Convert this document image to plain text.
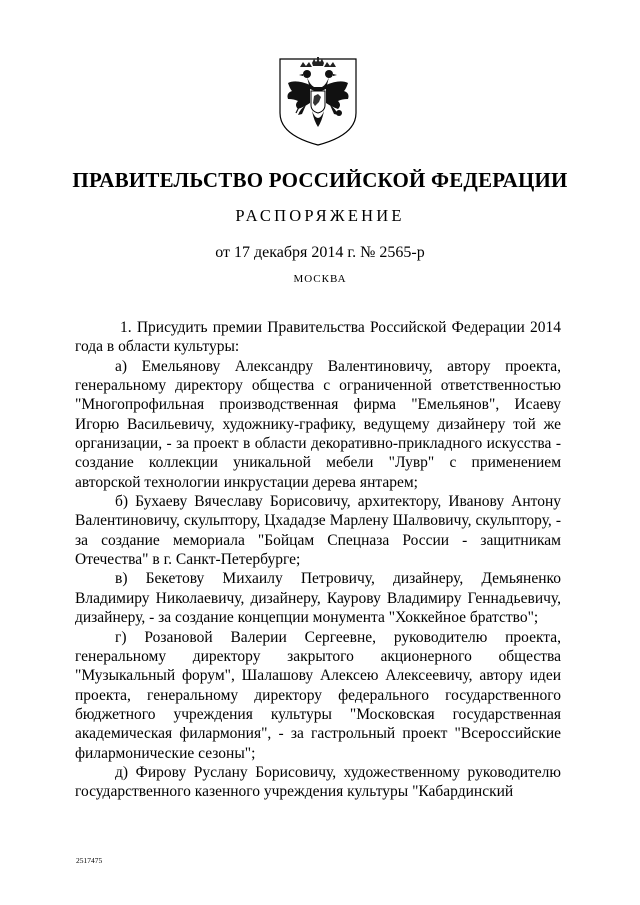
ПРАВИТЕЛЬСТВО РОССИЙСКОЙ ФЕДЕРАЦИИ
РАСПОРЯЖЕНИЕ
от 17 декабря 2014 г. № 2565-р
МОСКВА

1. Присудить премии Правительства Российской Федерации 2014 года в области культуры:

а) Емельянову Александру Валентиновичу, автору проекта, генеральному директору общества с ограниченной ответственностью "Многопрофильная производственная фирма "Емельянов", Исаеву Игорю Васильевичу, художнику-графику, ведущему дизайнеру той же организации, - за проект в области декоративно-прикладного искусства - создание коллекции уникальной мебели "Лувр" с применением авторской технологии инкрустации дерева янтарем;

б) Бухаеву Вячеславу Борисовичу, архитектору, Иванову Антону Валентиновичу, скульптору, Цхададзе Марлену Шалвовичу, скульптору, - за создание мемориала "Бойцам Спецназа России - защитникам Отечества" в г. Санкт-Петербурге;

в) Бекетову Михаилу Петровичу, дизайнеру, Демьяненко Владимиру Николаевичу, дизайнеру, Каурову Владимиру Геннадьевичу, дизайнеру, - за создание концепции монумента "Хоккейное братство";

г) Розановой Валерии Сергеевне, руководителю проекта, генеральному директору закрытого акционерного общества "Музыкальный форум", Шалашову Алексею Алексеевичу, автору идеи проекта, генеральному директору федерального государственного бюджетного учреждения культуры "Московская государственная академическая филармония", - за гастрольный проект "Всероссийские филармонические сезоны";

д) Фирову Руслану Борисовичу, художественному руководителю государственного казенного учреждения культуры "Кабардинский

2517475
